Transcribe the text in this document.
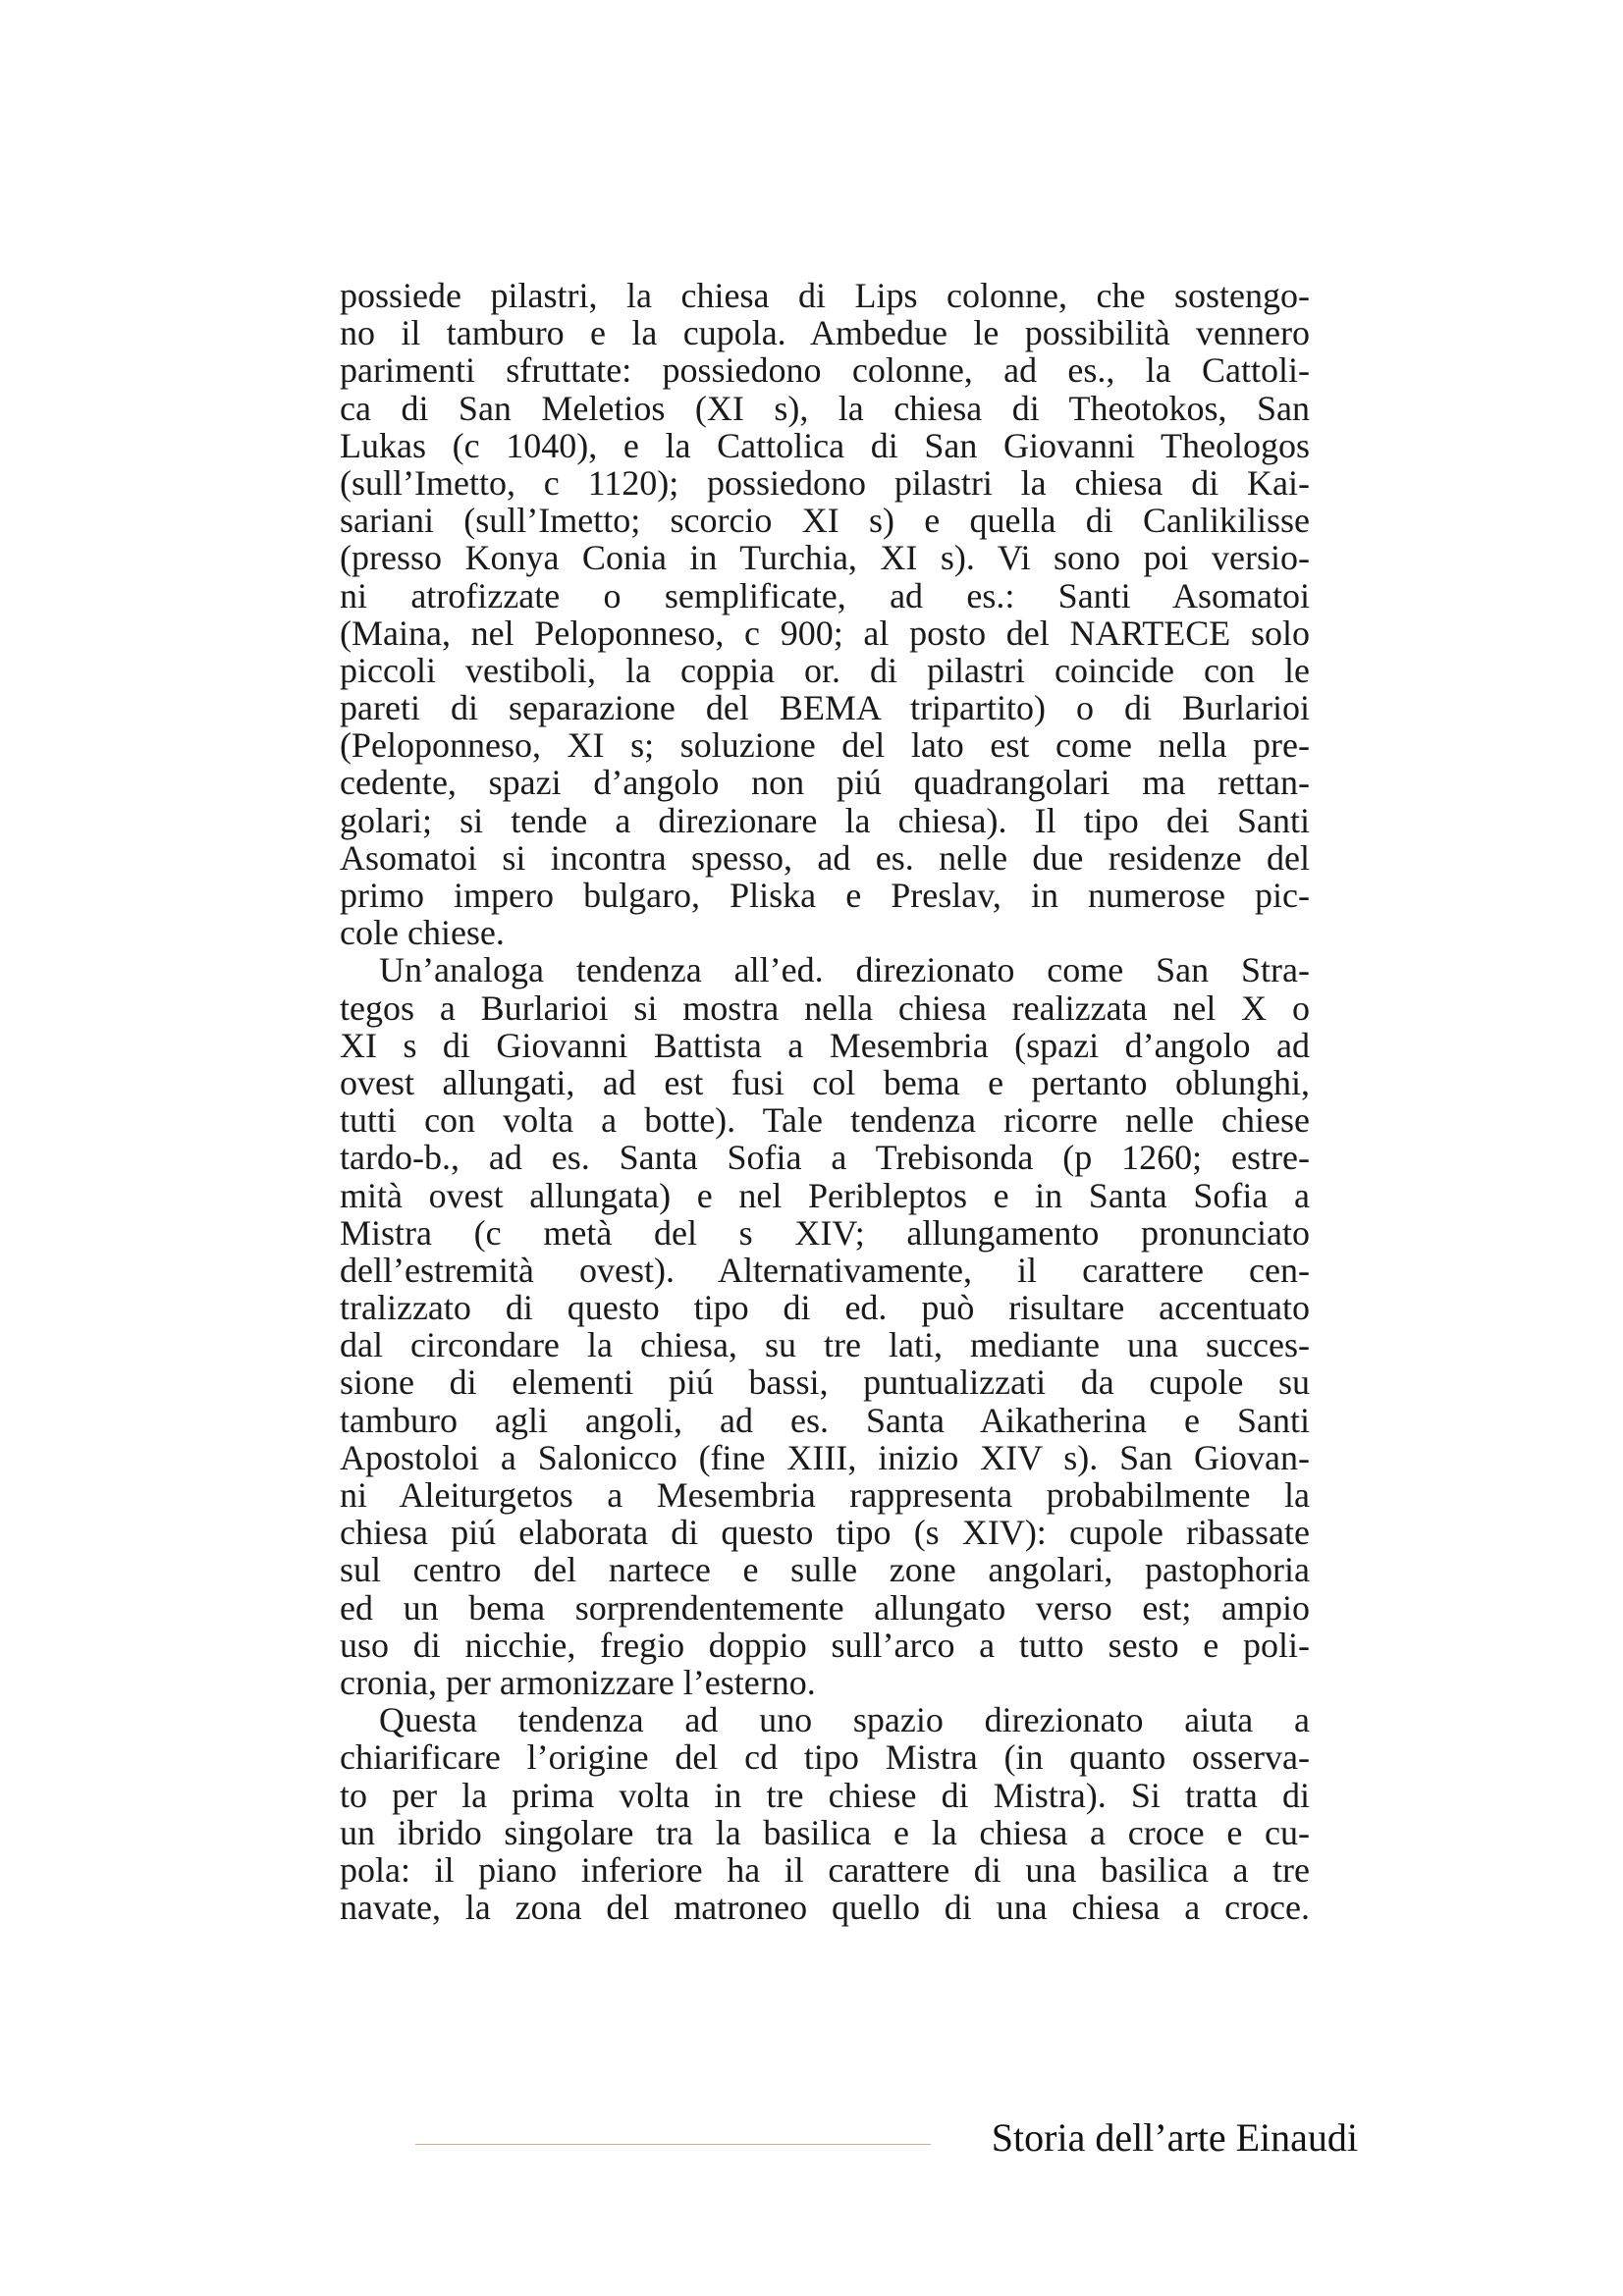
possiede pilastri, la chiesa di Lips colonne, che sostengo-
no il tamburo e la cupola. Ambedue le possibilità vennero
parimenti sfruttate: possiedono colonne, ad es., la Cattoli-
ca di San Meletios (XI s), la chiesa di Theotokos, San
Lukas (c 1040), e la Cattolica di San Giovanni Theologos
(sull’Imetto, c 1120); possiedono pilastri la chiesa di Kai-
sariani (sull’Imetto; scorcio XI s) e quella di Canlikilisse
(presso Konya Conia in Turchia, XI s). Vi sono poi versio-
ni atrofizzate o semplificate, ad es.: Santi Asomatoi
(Maina, nel Peloponneso, c 900; al posto del NARTECE solo
piccoli vestiboli, la coppia or. di pilastri coincide con le
pareti di separazione del BEMA tripartito) o di Burlarioi
(Peloponneso, XI s; soluzione del lato est come nella pre-
cedente, spazi d’angolo non piú quadrangolari ma rettan-
golari; si tende a direzionare la chiesa). Il tipo dei Santi
Asomatoi si incontra spesso, ad es. nelle due residenze del
primo impero bulgaro, Pliska e Preslav, in numerose pic-
cole chiese.
Un’analoga tendenza all’ed. direzionato come San Stra-
tegos a Burlarioi si mostra nella chiesa realizzata nel X o
XI s di Giovanni Battista a Mesembria (spazi d’angolo ad
ovest allungati, ad est fusi col bema e pertanto oblunghi,
tutti con volta a botte). Tale tendenza ricorre nelle chiese
tardo-b., ad es. Santa Sofia a Trebisonda (p 1260; estre-
mità ovest allungata) e nel Peribleptos e in Santa Sofia a
Mistra (c metà del s XIV; allungamento pronunciato
dell’estremità ovest). Alternativamente, il carattere cen-
tralizzato di questo tipo di ed. può risultare accentuato
dal circondare la chiesa, su tre lati, mediante una succes-
sione di elementi piú bassi, puntualizzati da cupole su
tamburo agli angoli, ad es. Santa Aikatherina e Santi
Apostoloi a Salonicco (fine XIII, inizio XIV s). San Giovan-
ni Aleiturgetos a Mesembria rappresenta probabilmente la
chiesa piú elaborata di questo tipo (s XIV): cupole ribassate
sul centro del nartece e sulle zone angolari, pastophoria
ed un bema sorprendentemente allungato verso est; ampio
uso di nicchie, fregio doppio sull’arco a tutto sesto e poli-
cronia, per armonizzare l’esterno.
Questa tendenza ad uno spazio direzionato aiuta a
chiarificare l’origine del cd tipo Mistra (in quanto osserva-
to per la prima volta in tre chiese di Mistra). Si tratta di
un ibrido singolare tra la basilica e la chiesa a croce e cu-
pola: il piano inferiore ha il carattere di una basilica a tre
navate, la zona del matroneo quello di una chiesa a croce.
Storia dell’arte Einaudi
